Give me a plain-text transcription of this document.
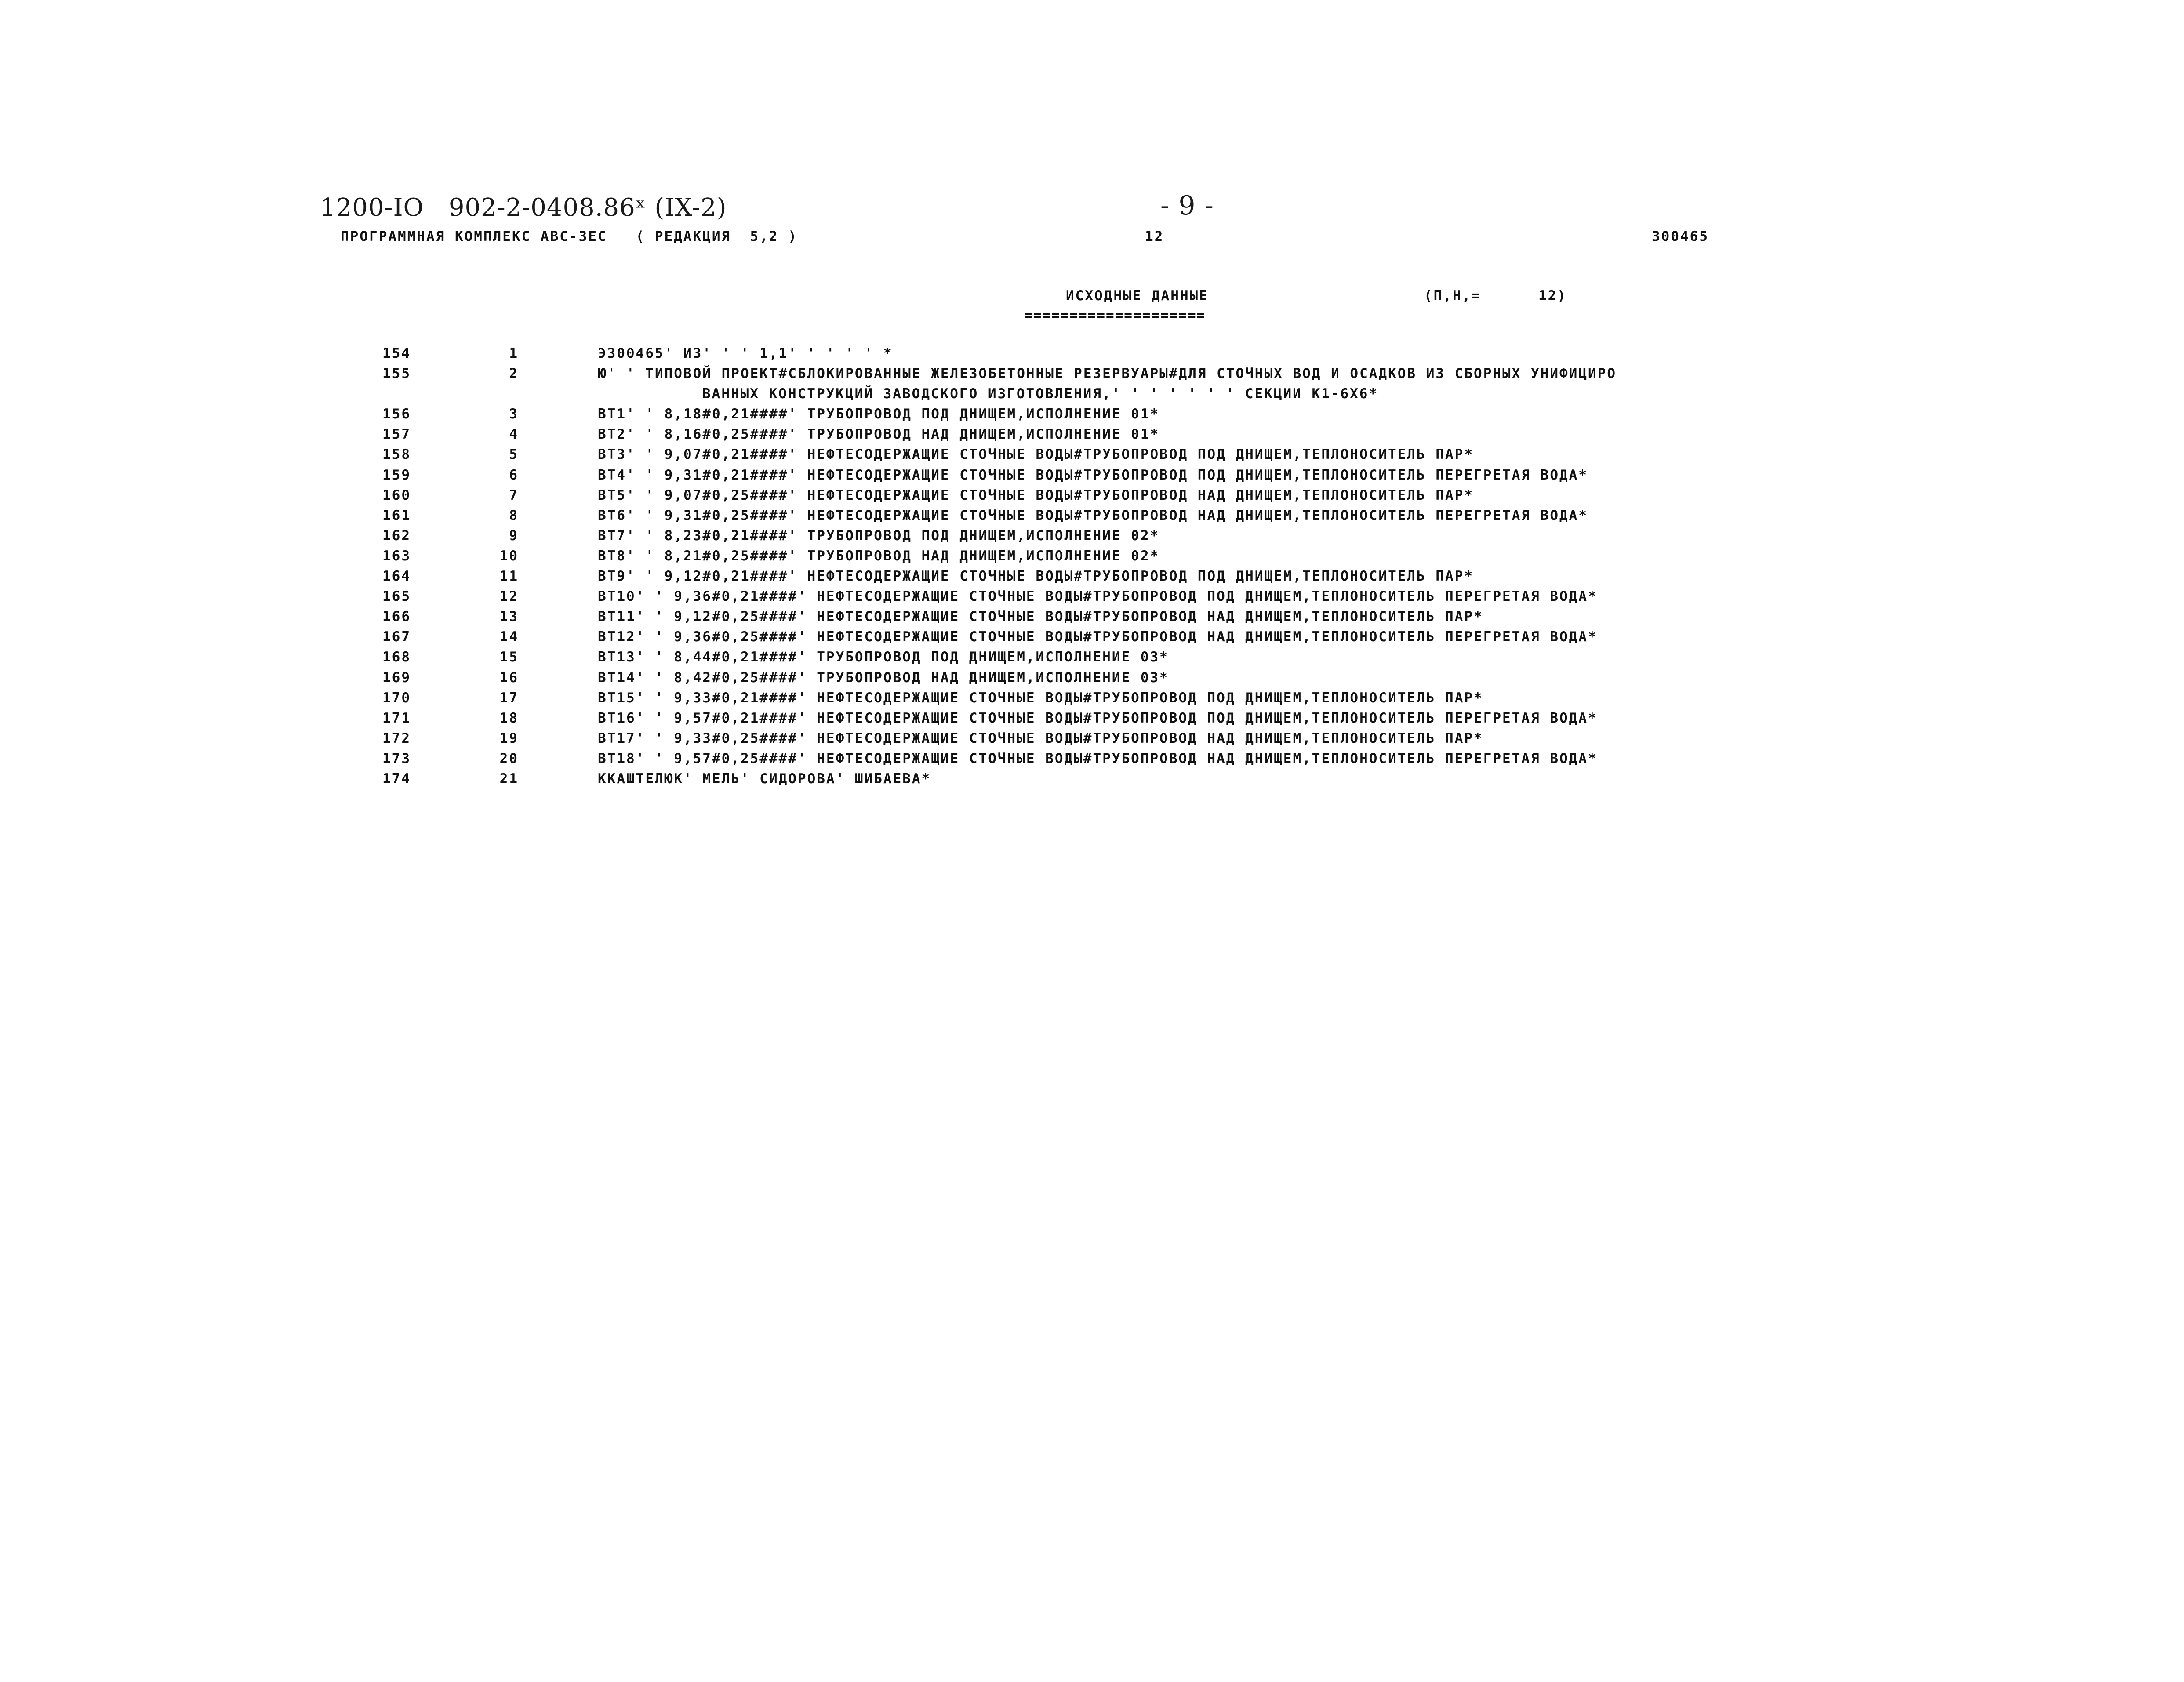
1200-IO   902-2-0408.86ˣ (IX-2)	- 9 -
ПРОГРАММНАЯ КОМПЛЕКС АВС-3ЕС   ( РЕДАКЦИЯ  5,2 )	12	300465
ИСХОДНЫЕ ДАННЫЕ
====================
(П,Н,=      12)
154	1	Э300465' ИЗ' ' ' 1,1' ' ' ' ' *
155	2	Ю' ' ТИПОВОЙ ПРОЕКТ#СБЛОКИРОВАННЫЕ ЖЕЛЕЗОБЕТОННЫЕ РЕЗЕРВУАРЫ#ДЛЯ СТОЧНЫХ ВОД И ОСАДКОВ ИЗ СБОРНЫХ УНИФИЦИРО
ВАННЫХ КОНСТРУКЦИЙ ЗАВОДСКОГО ИЗГОТОВЛЕНИЯ,' ' ' ' ' ' ' СЕКЦИИ К1-6Х6*
156	3	ВТ1' ' 8,18#0,21####' ТРУБОПРОВОД ПОД ДНИЩЕМ,ИСПОЛНЕНИЕ 01*
157	4	ВТ2' ' 8,16#0,25####' ТРУБОПРОВОД НАД ДНИЩЕМ,ИСПОЛНЕНИЕ 01*
158	5	ВТ3' ' 9,07#0,21####' НЕФТЕСОДЕРЖАЩИЕ СТОЧНЫЕ ВОДЫ#ТРУБОПРОВОД ПОД ДНИЩЕМ,ТЕПЛОНОСИТЕЛЬ ПАР*
159	6	ВТ4' ' 9,31#0,21####' НЕФТЕСОДЕРЖАЩИЕ СТОЧНЫЕ ВОДЫ#ТРУБОПРОВОД ПОД ДНИЩЕМ,ТЕПЛОНОСИТЕЛЬ ПЕРЕГРЕТАЯ ВОДА*
160	7	ВТ5' ' 9,07#0,25####' НЕФТЕСОДЕРЖАЩИЕ СТОЧНЫЕ ВОДЫ#ТРУБОПРОВОД НАД ДНИЩЕМ,ТЕПЛОНОСИТЕЛЬ ПАР*
161	8	ВТ6' ' 9,31#0,25####' НЕФТЕСОДЕРЖАЩИЕ СТОЧНЫЕ ВОДЫ#ТРУБОПРОВОД НАД ДНИЩЕМ,ТЕПЛОНОСИТЕЛЬ ПЕРЕГРЕТАЯ ВОДА*
162	9	ВТ7' ' 8,23#0,21####' ТРУБОПРОВОД ПОД ДНИЩЕМ,ИСПОЛНЕНИЕ 02*
163	10	ВТ8' ' 8,21#0,25####' ТРУБОПРОВОД НАД ДНИЩЕМ,ИСПОЛНЕНИЕ 02*
164	11	ВТ9' ' 9,12#0,21####' НЕФТЕСОДЕРЖАЩИЕ СТОЧНЫЕ ВОДЫ#ТРУБОПРОВОД ПОД ДНИЩЕМ,ТЕПЛОНОСИТЕЛЬ ПАР*
165	12	ВТ10' ' 9,36#0,21####' НЕФТЕСОДЕРЖАЩИЕ СТОЧНЫЕ ВОДЫ#ТРУБОПРОВОД ПОД ДНИЩЕМ,ТЕПЛОНОСИТЕЛЬ ПЕРЕГРЕТАЯ ВОДА*
166	13	ВТ11' ' 9,12#0,25####' НЕФТЕСОДЕРЖАЩИЕ СТОЧНЫЕ ВОДЫ#ТРУБОПРОВОД НАД ДНИЩЕМ,ТЕПЛОНОСИТЕЛЬ ПАР*
167	14	ВТ12' ' 9,36#0,25####' НЕФТЕСОДЕРЖАЩИЕ СТОЧНЫЕ ВОДЫ#ТРУБОПРОВОД НАД ДНИЩЕМ,ТЕПЛОНОСИТЕЛЬ ПЕРЕГРЕТАЯ ВОДА*
168	15	ВТ13' ' 8,44#0,21####' ТРУБОПРОВОД ПОД ДНИЩЕМ,ИСПОЛНЕНИЕ 03*
169	16	ВТ14' ' 8,42#0,25####' ТРУБОПРОВОД НАД ДНИЩЕМ,ИСПОЛНЕНИЕ 03*
170	17	ВТ15' ' 9,33#0,21####' НЕФТЕСОДЕРЖАЩИЕ СТОЧНЫЕ ВОДЫ#ТРУБОПРОВОД ПОД ДНИЩЕМ,ТЕПЛОНОСИТЕЛЬ ПАР*
171	18	ВТ16' ' 9,57#0,21####' НЕФТЕСОДЕРЖАЩИЕ СТОЧНЫЕ ВОДЫ#ТРУБОПРОВОД ПОД ДНИЩЕМ,ТЕПЛОНОСИТЕЛЬ ПЕРЕГРЕТАЯ ВОДА*
172	19	ВТ17' ' 9,33#0,25####' НЕФТЕСОДЕРЖАЩИЕ СТОЧНЫЕ ВОДЫ#ТРУБОПРОВОД НАД ДНИЩЕМ,ТЕПЛОНОСИТЕЛЬ ПАР*
173	20	ВТ18' ' 9,57#0,25####' НЕФТЕСОДЕРЖАЩИЕ СТОЧНЫЕ ВОДЫ#ТРУБОПРОВОД НАД ДНИЩЕМ,ТЕПЛОНОСИТЕЛЬ ПЕРЕГРЕТАЯ ВОДА*
174	21	ККАШТЕЛЮК' МЕЛЬ' СИДОРОВА' ШИБАЕВА*
